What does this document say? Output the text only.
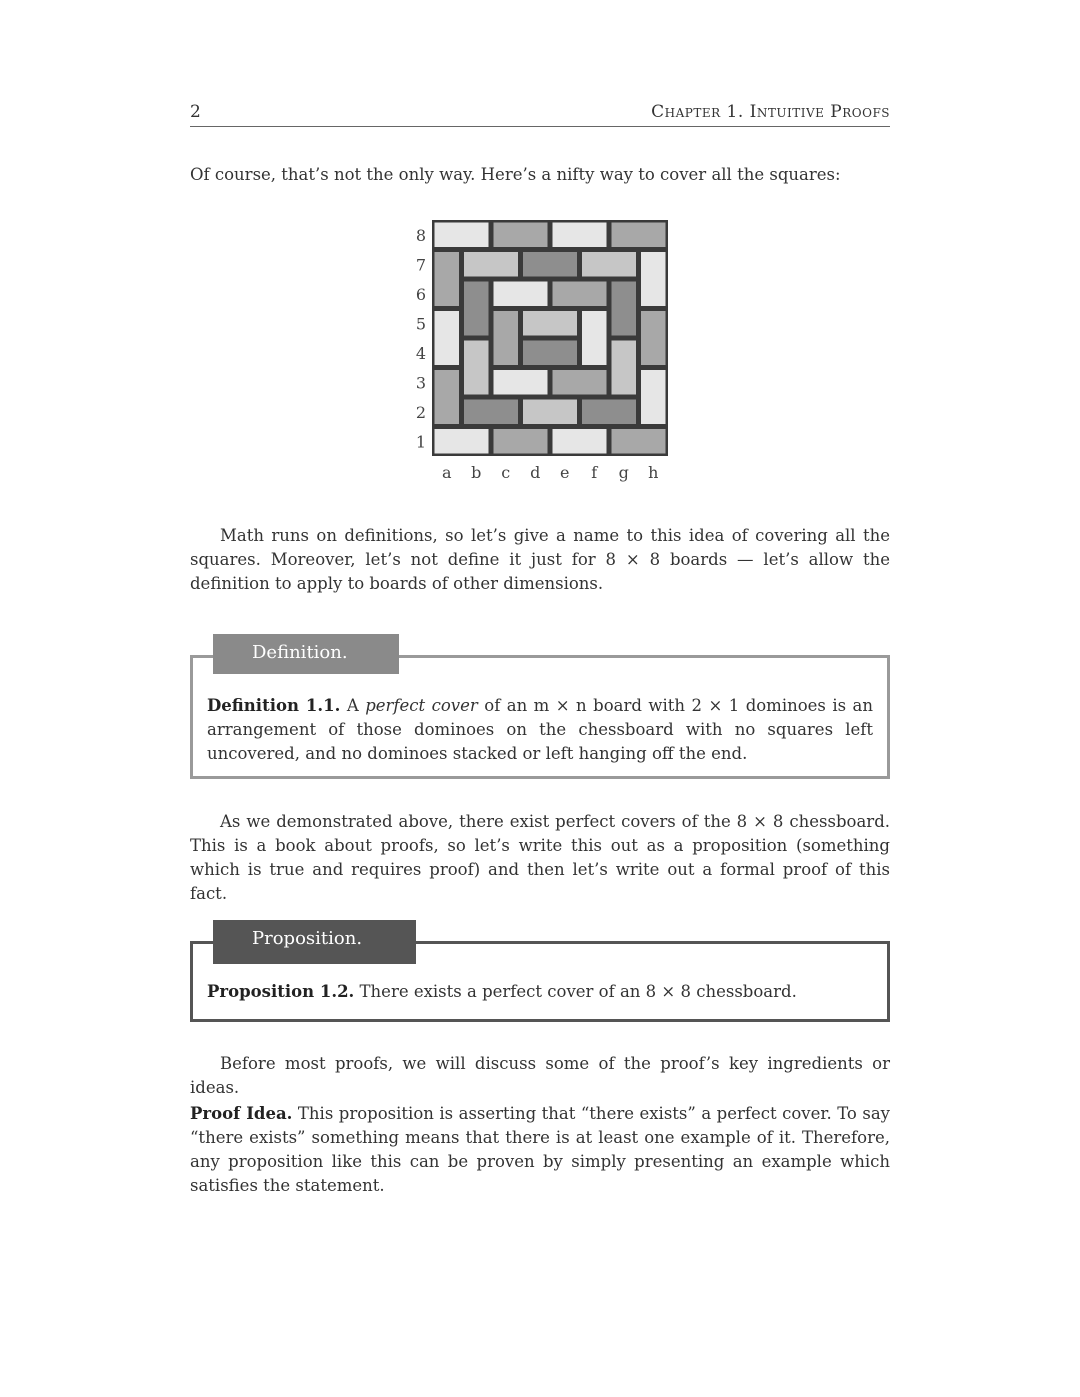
2	Chapter 1. Intuitive Proofs

Of course, that’s not the only way. Here’s a nifty way to cover all the squares:

8
7
6
5
4
3
2
1
a b c d e f g h

Math runs on definitions, so let’s give a name to this idea of covering all the squares. Moreover, let’s not define it just for 8 × 8 boards — let’s allow the definition to apply to boards of other dimensions.

Definition 1.1. A perfect cover of an m × n board with 2 × 1 dominoes is an arrangement of those dominoes on the chessboard with no squares left uncovered, and no dominoes stacked or left hanging off the end.

Definition.

As we demonstrated above, there exist perfect covers of the 8 × 8 chessboard. This is a book about proofs, so let’s write this out as a proposition (something which is true and requires proof) and then let’s write out a formal proof of this fact.

Proposition 1.2. There exists a perfect cover of an 8 × 8 chessboard.

Proposition.

Before most proofs, we will discuss some of the proof’s key ingredients or ideas.

Proof Idea. This proposition is asserting that “there exists” a perfect cover. To say “there exists” something means that there is at least one example of it. Therefore, any proposition like this can be proven by simply presenting an example which satisfies the statement.
